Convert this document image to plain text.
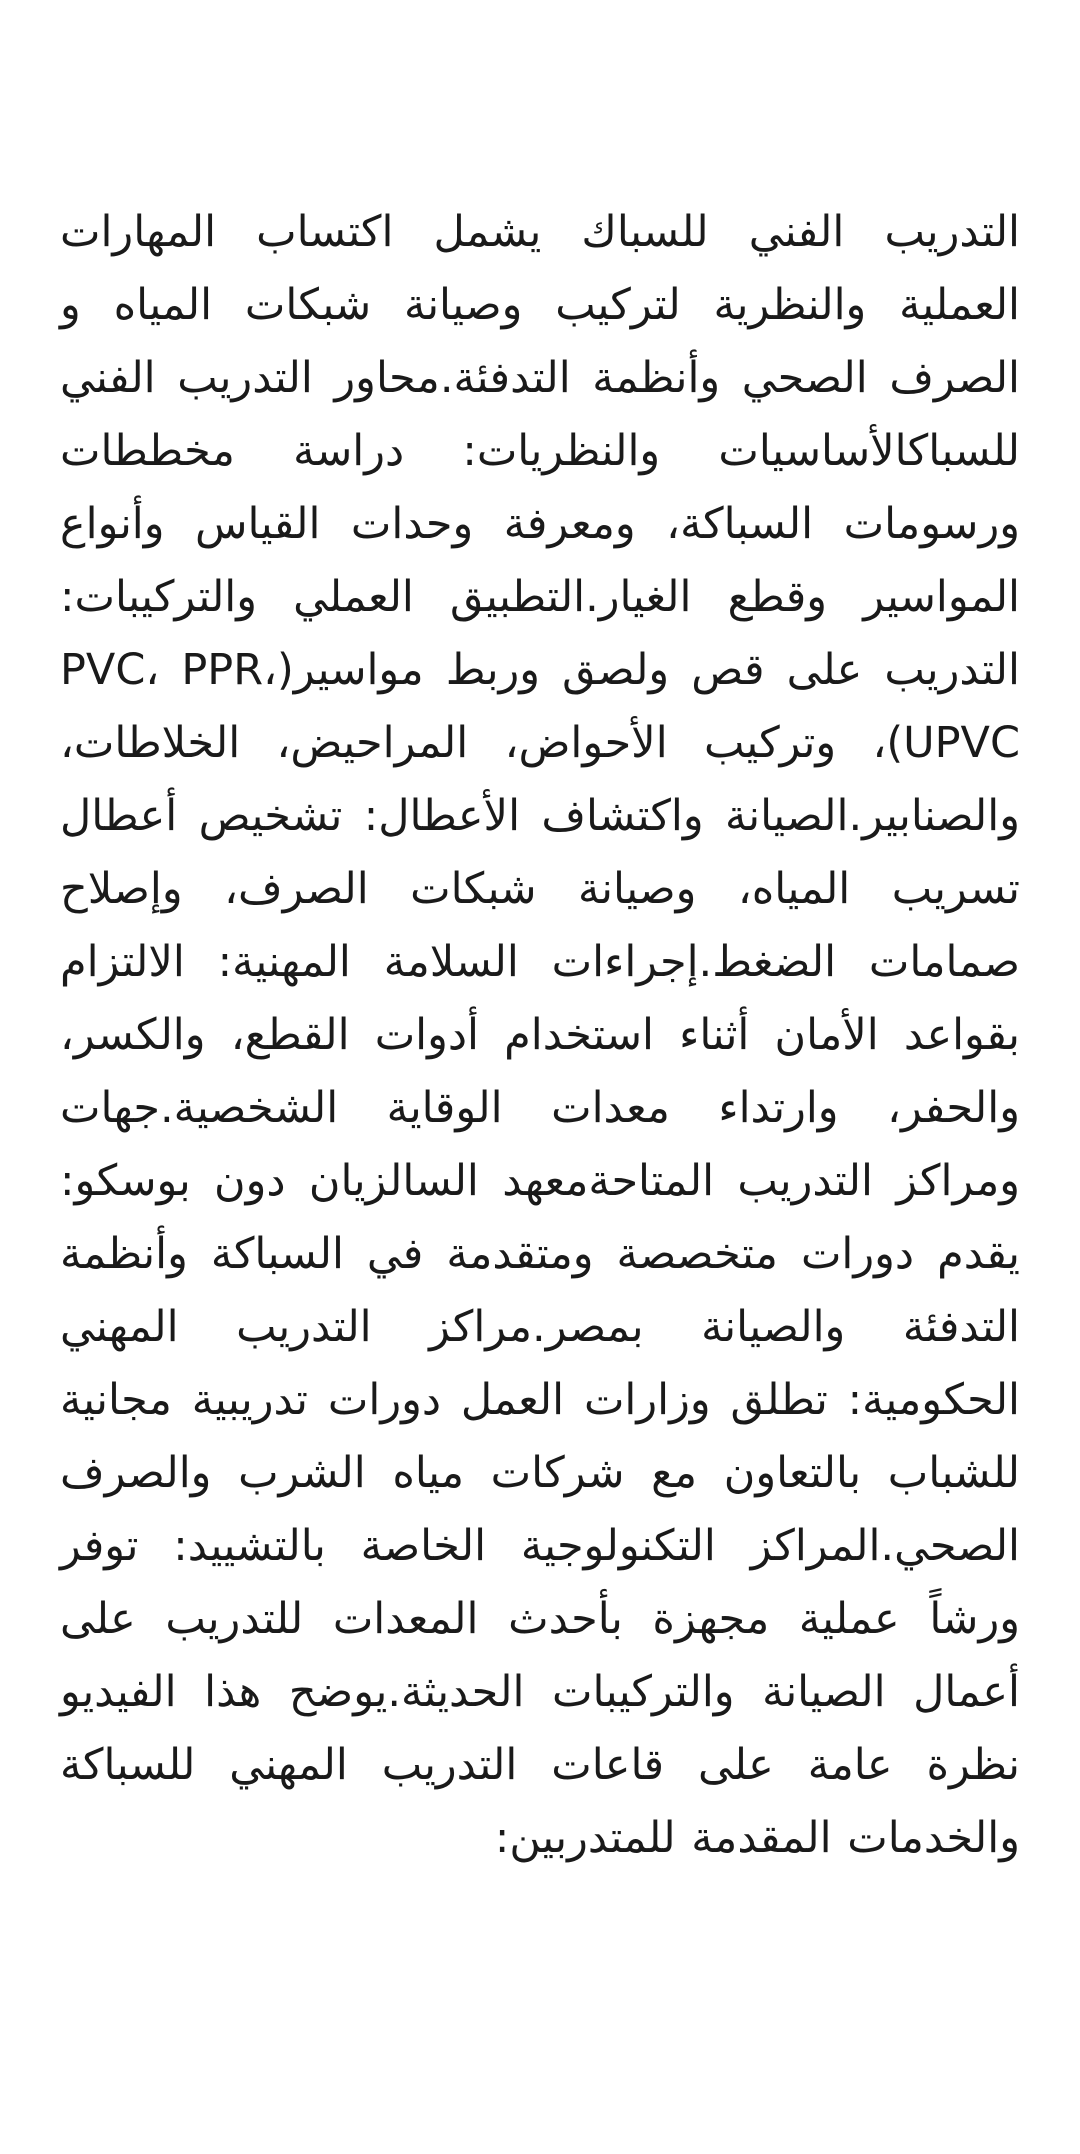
التدريب الفني للسباك يشمل اكتساب المهارات العملية والنظرية لتركيب وصيانة شبكات المياه و الصرف الصحي وأنظمة التدفئة.محاور التدريب الفني للسباكالأساسيات والنظريات: دراسة مخططات ورسومات السباكة، ومعرفة وحدات القياس وأنواع المواسير وقطع الغيار.التطبيق العملي والتركيبات: التدريب على قص ولصق وربط مواسير(PVC، PPR، UPVC)، وتركيب الأحواض، المراحيض، الخلاطات، والصنابير.الصيانة واكتشاف الأعطال: تشخيص أعطال تسريب المياه، وصيانة شبكات الصرف، وإصلاح صمامات الضغط.إجراءات السلامة المهنية: الالتزام بقواعد الأمان أثناء استخدام أدوات القطع، والكسر، والحفر، وارتداء معدات الوقاية الشخصية.جهات ومراكز التدريب المتاحةمعهد السالزيان دون بوسكو: يقدم دورات متخصصة ومتقدمة في السباكة وأنظمة التدفئة والصيانة بمصر.مراكز التدريب المهني الحكومية: تطلق وزارات العمل دورات تدريبية مجانية للشباب بالتعاون مع شركات مياه الشرب والصرف الصحي.المراكز التكنولوجية الخاصة بالتشييد: توفر ورشاً عملية مجهزة بأحدث المعدات للتدريب على أعمال الصيانة والتركيبات الحديثة.يوضح هذا الفيديو نظرة عامة على قاعات التدريب المهني للسباكة والخدمات المقدمة للمتدربين:
